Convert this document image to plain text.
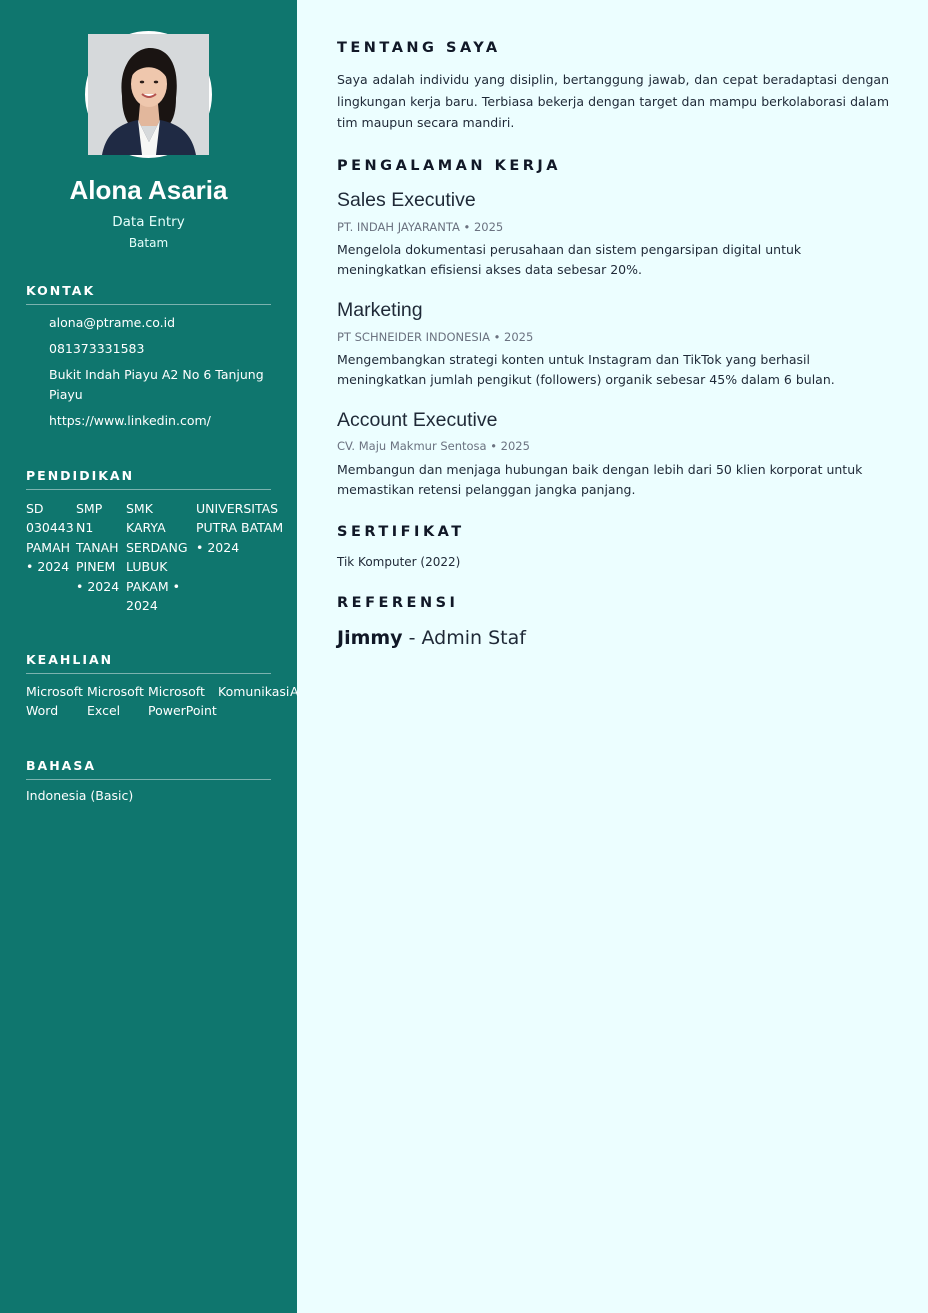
Alona Asaria
Data Entry
Batam
KONTAK
alona@ptrame.co.id
081373331583
Bukit Indah Piayu A2 No 6 Tanjung Piayu
https://www.linkedin.com/
PENDIDIKAN
SD 030443 PAMAH • 2024
SMP N1 TANAH PINEM • 2024
SMK KARYA SERDANG LUBUK PAKAM • 2024
UNIVERSITAS PUTRA BATAM • 2024
KEAHLIAN
Microsoft Word
Microsoft Excel
Microsoft PowerPoint
Komunikasi A
BAHASA
Indonesia (Basic)
TENTANG SAYA
Saya adalah individu yang disiplin, bertanggung jawab, dan cepat beradaptasi dengan lingkungan kerja baru. Terbiasa bekerja dengan target dan mampu berkolaborasi dalam tim maupun secara mandiri.
PENGALAMAN KERJA
Sales Executive
PT. INDAH JAYARANTA • 2025
Mengelola dokumentasi perusahaan dan sistem pengarsipan digital untuk meningkatkan efisiensi akses data sebesar 20%.
Marketing
PT SCHNEIDER INDONESIA • 2025
Mengembangkan strategi konten untuk Instagram dan TikTok yang berhasil meningkatkan jumlah pengikut (followers) organik sebesar 45% dalam 6 bulan.
Account Executive
CV. Maju Makmur Sentosa • 2025
Membangun dan menjaga hubungan baik dengan lebih dari 50 klien korporat untuk memastikan retensi pelanggan jangka panjang.
SERTIFIKAT
Tik Komputer (2022)
REFERENSI
Jimmy - Admin Staf
